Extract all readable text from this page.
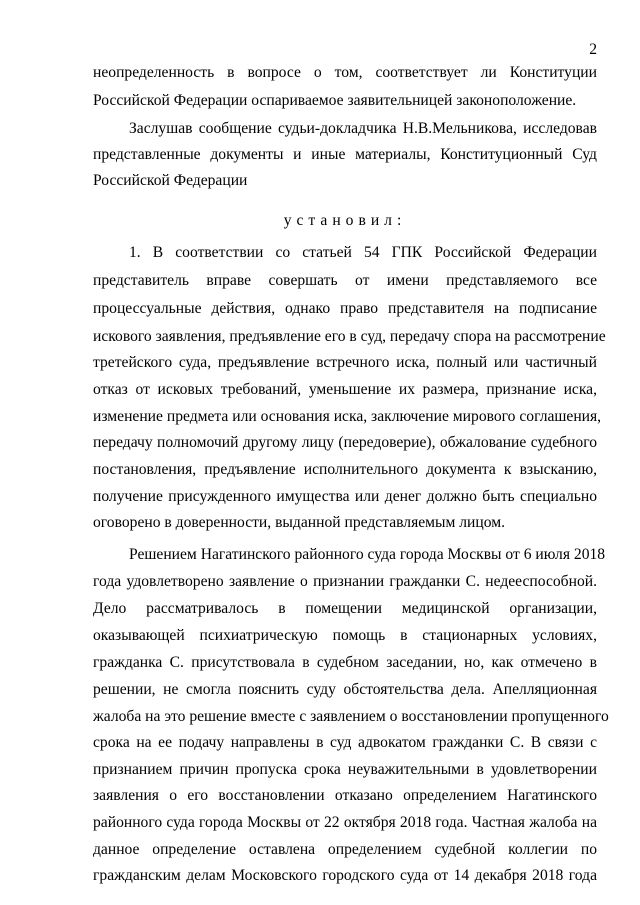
2
неопределенность в вопросе о том, соответствует ли Конституции
Российской Федерации оспариваемое заявительницей законоположение.
Заслушав сообщение судьи-докладчика Н.В.Мельникова, исследовав
представленные документы и иные материалы, Конституционный Суд
Российской Федерации
установил:
1. В соответствии со статьей 54 ГПК Российской Федерации
представитель вправе совершать от имени представляемого все
процессуальные действия, однако право представителя на подписание
искового заявления, предъявление его в суд, передачу спора на рассмотрение
третейского суда, предъявление встречного иска, полный или частичный
отказ от исковых требований, уменьшение их размера, признание иска,
изменение предмета или основания иска, заключение мирового соглашения,
передачу полномочий другому лицу (передоверие), обжалование судебного
постановления, предъявление исполнительного документа к взысканию,
получение присужденного имущества или денег должно быть специально
оговорено в доверенности, выданной представляемым лицом.
Решением Нагатинского районного суда города Москвы от 6 июля 2018
года удовлетворено заявление о признании гражданки С. недееспособной.
Дело рассматривалось в помещении медицинской организации,
оказывающей психиатрическую помощь в стационарных условиях,
гражданка С. присутствовала в судебном заседании, но, как отмечено в
решении, не смогла пояснить суду обстоятельства дела. Апелляционная
жалоба на это решение вместе с заявлением о восстановлении пропущенного
срока на ее подачу направлены в суд адвокатом гражданки С. В связи с
признанием причин пропуска срока неуважительными в удовлетворении
заявления о его восстановлении отказано определением Нагатинского
районного суда города Москвы от 22 октября 2018 года. Частная жалоба на
данное определение оставлена определением судебной коллегии по
гражданским делам Московского городского суда от 14 декабря 2018 года
